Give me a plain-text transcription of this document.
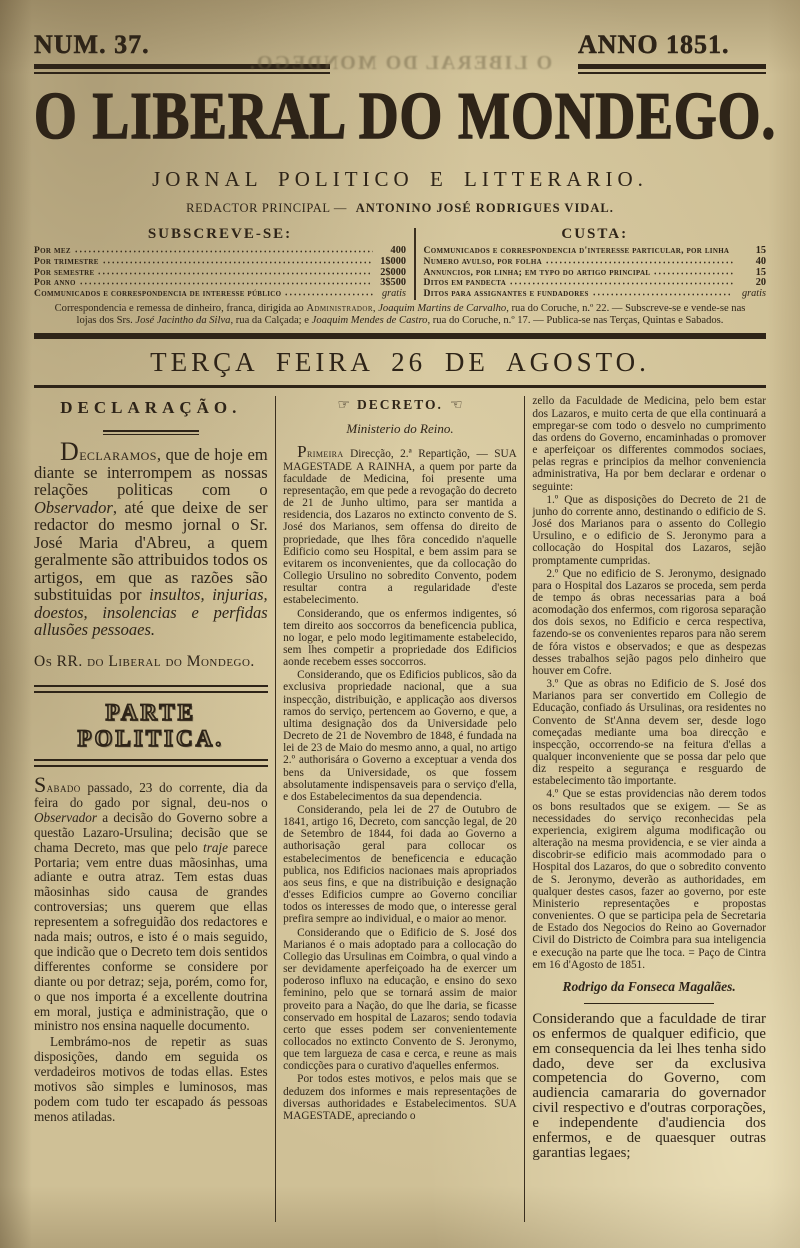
O LIBERAL DO MONDEGO.
NUM. 37.	ANNO 1851.
O LIBERAL DO MONDEGO.
JORNAL POLITICO E LITTERARIO.
REDACTOR PRINCIPAL — ANTONINO JOSÉ RODRIGUES VIDAL.
SUBSCREVE-SE:
Por mez	400
Por trimestre	1$000
Por semestre	2$000
Por anno	3$500
Communicados e correspondencia de interesse público	gratis
CUSTA:
Communicados e correspondencia d'interesse particular, por linha	15
Numero avulso, por folha	40
Annuncios, por linha; em typo do artigo principal	15
Ditos em pandecta	20
Ditos para assignantes e fundadores	gratis
Correspondencia e remessa de dinheiro, franca, dirigida ao Administrador, Joaquim Martins de Carvalho, rua do Coruche, n.º 22. — Subscreve-se e vende-se nas
lojas dos Srs. José Jacintho da Silva, rua da Calçada; e Joaquim Mendes de Castro, rua do Coruche, n.º 17. — Publica-se nas Terças, Quintas e Sabados.
TERÇA FEIRA 26 DE AGOSTO.
DECLARAÇÃO.

Declaramos, que de hoje em diante se interrompem as nossas relações politicas com o Observador, até que deixe de ser redactor do mesmo jornal o Sr. José Maria d'Abreu, a quem geralmente são attribuidos todos os artigos, em que as razões são substituidas por insultos, injurias, doestos, insolencias e perfidas allusões pessoaes.

Os RR. do Liberal do Mondego.

PARTE POLITICA.

Sabado passado, 23 do corrente, dia da feira do gado por signal, deu-nos o Observador a decisão do Governo sobre a questão Lazaro-Ursulina; decisão que se chama Decreto, mas que pelo traje parece Portaria; vem entre duas mãosinhas, uma adiante e outra atraz. Tem estas duas mãosinhas sido causa de grandes controversias; uns querem que ellas representem a sofreguidão dos redactores e nada mais; outros, e isto é o mais seguido, que indicão que o Decreto tem dois sentidos differentes conforme se considere por diante ou por detraz; seja, porém, como for, o que nos importa é a excellente doutrina em moral, justiça e administração, que o ministro nos ensina naquelle documento.

Lembrámo-nos de repetir as suas disposições, dando em seguida os verdadeiros motivos de todas ellas. Estes motivos são simples e luminosos, mas podem com tudo ter escapado ás pessoas menos atiladas.

☞ DECRETO. ☜
Ministerio do Reino.

Primeira Direcção, 2.ª Repartição, — SUA MAGESTADE A RAINHA, a quem por parte da faculdade de Medicina, foi presente uma representação, em que pede a revogação do decreto de 21 de Junho ultimo, para ser mantida a residencia, dos Lazaros no extincto convento de S. José dos Marianos, sem offensa do direito de propriedade, que lhes fôra concedido n'aquelle Edificio como seu Hospital, e bem assim para se evitarem os inconvenientes, que da collocação do Collegio Ursulino no sobredito Convento, podem resultar contra a regularidade d'este estabelecimento.

Considerando, que os enfermos indigentes, só tem direito aos soccorros da beneficencia publica, no logar, e pelo modo legitimamente estabelecido, sem lhes competir a propriedade dos Edificios aonde recebem esses soccorros.

Considerando, que os Edificios publicos, são da exclusiva propriedade nacional, que a sua inspecção, distribuição, e applicação aos diversos ramos do serviço, pertencem ao Governo, e que, a ultima designação dos da Universidade pelo Decreto de 21 de Novembro de 1848, é fundada na lei de 23 de Maio do mesmo anno, a qual, no artigo 2.º authorisára o Governo a exceptuar a venda dos bens da Universidade, os que fossem absolutamente indispensaveis para o serviço d'ella, e dos Estabelecimentos da sua dependencia.

Considerando, pela lei de 27 de Outubro de 1841, artigo 16, Decreto, com sancção legal, de 20 de Setembro de 1844, foi dada ao Governo a authorisação geral para collocar os estabelecimentos de beneficencia e educação publica, nos Edificios nacionaes mais apropriados aos seus fins, e que na distribuição e designação d'esses Edificios cumpre ao Governo conciliar todos os interesses de modo que, o interesse geral prefira sempre ao individual, e o maior ao menor.

Considerando que o Edificio de S. José dos Marianos é o mais adoptado para a collocação do Collegio das Ursulinas em Coimbra, o qual vindo a ser devidamente aperfeiçoado ha de exercer um poderoso influxo na educação, e ensino do sexo feminino, pelo que se tornará assim de maior proveito para a Nação, do que lhe daria, se ficasse conservado em hospital de Lazaros; sendo todavia certo que esses podem ser convenientemente collocados no extincto Convento de S. Jeronymo, que tem largueza de casa e cerca, e reune as mais condicções para o curativo d'aquelles enfermos.

Por todos estes motivos, e pelos mais que se deduzem dos informes e mais representações de diversas authoridades e Estabelecimentos. SUA MAGESTADE, apreciando o

zello da Faculdade de Medicina, pelo bem estar dos Lazaros, e muito certa de que ella continuará a empregar-se com todo o desvelo no cumprimento das ordens do Governo, encaminhadas o promover e aperfeiçoar os differentes commodos sociaes, pelas regras e principios da melhor conveniencia administrativa, Ha por bem declarar e ordenar o seguinte:

1.º Que as disposições do Decreto de 21 de junho do corrente anno, destinando o edificio de S. José dos Marianos para o assento do Collegio Ursulino, e o edificio de S. Jeronymo para a collocação do Hospital dos Lazaros, sejão promptamente cumpridas.

2.º Que no edificio de S. Jeronymo, designado para o Hospital dos Lazaros se proceda, sem perda de tempo ás obras necessarias para a boá acomodação dos enfermos, com rigorosa separação dos dois sexos, no Edificio e cerca respectiva, fazendo-se os convenientes reparos para não serem de fóra vistos e observados; e que as despezas desses trabalhos sejão pagos pelo dinheiro que houver em Cofre.

3.º Que as obras no Edificio de S. José dos Marianos para ser convertido em Collegio de Educação, confiado ás Ursulinas, ora residentes no Convento de St'Anna devem ser, desde logo começadas mediante uma boa direcção e inspecção, occorrendo-se na feitura d'ellas a qualquer inconveniente que se possa dar pelo que diz respeito a segurança e resguardo de estabelecimento tão importante.

4.º Que se estas providencias não derem todos os bons resultados que se exigem. — Se as necessidades do serviço reconhecidas pela experiencia, exigirem alguma modificação ou alteração na mesma providencia, e se vier ainda a discobrir-se edificio mais acommodado para o Hospital dos Lazaros, do que o sobredito convento de S. Jeronymo, deverão as authoridades, em qualquer destes casos, fazer ao governo, por este Ministerio representações e propostas convenientes. O que se participa pela de Secretaria de Estado dos Negocios do Reino ao Governador Civil do Districto de Coimbra para sua inteligencia e execução na parte que lhe toca. = Paço de Cintra em 16 d'Agosto de 1851.

Rodrigo da Fonseca Magalães.

Considerando que a faculdade de tirar os enfermos de qualquer edificio, que em consequencia da lei lhes tenha sido dado, deve ser da exclusiva competencia do Governo, com audiencia camararia do governador civil respectivo e d'outras corporações, e independente d'audiencia dos enfermos, e de quaesquer outras garantias legaes;
